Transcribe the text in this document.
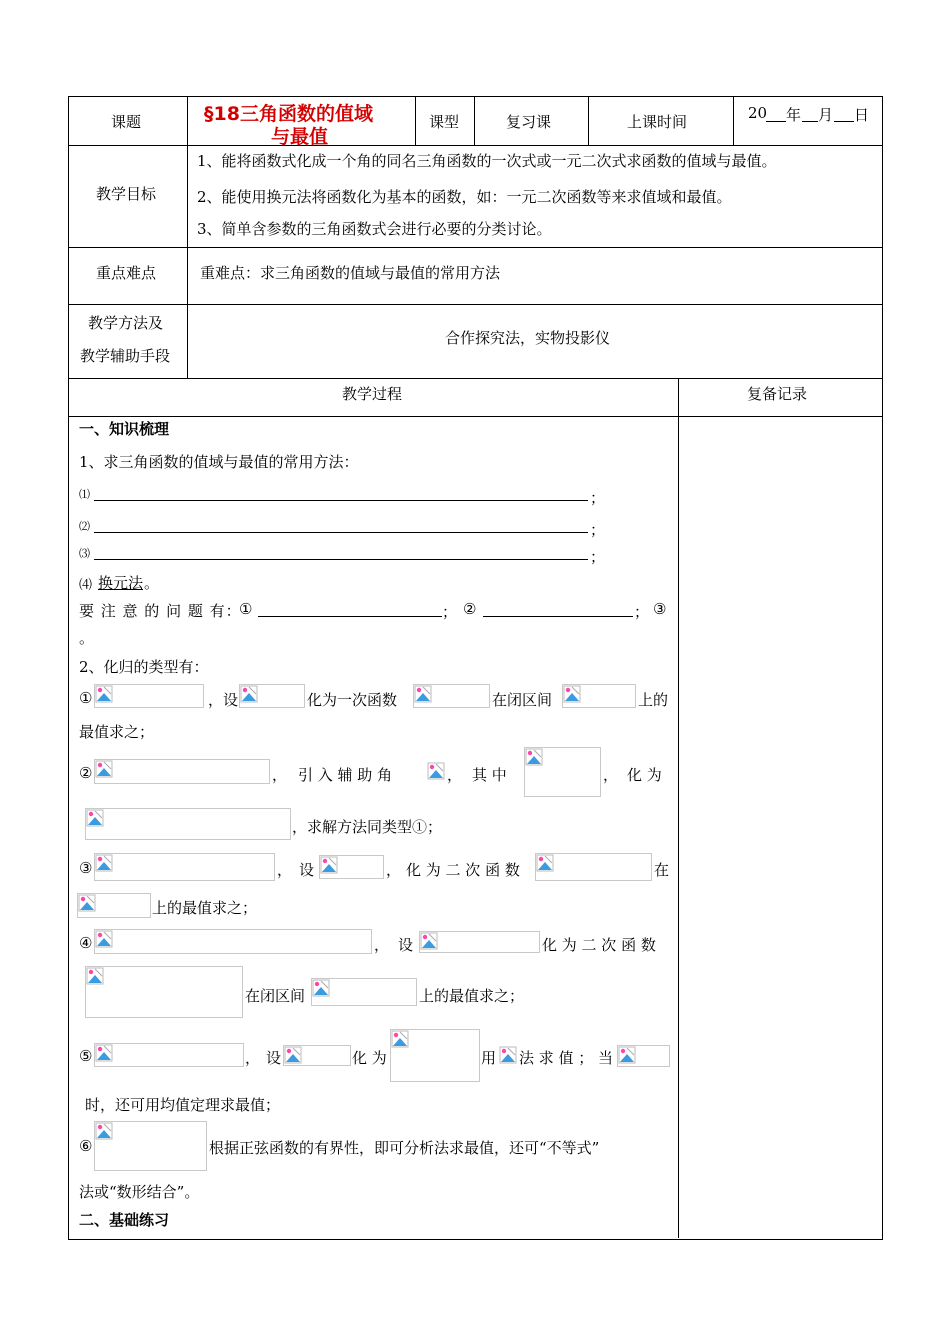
课题	§18三角函数的值域
与最值
课型	复习课	上课时间	20 年 月 日
教学目标
1、能将函数式化成一个角的同名三角函数的一次式或一元二次式求函数的值域与最值。
2、能使用换元法将函数化为基本的函数，如：一元二次函数等来求值域和最值。
3、简单含参数的三角函数式会进行必要的分类讨论。
重点难点	重难点：求三角函数的值域与最值的常用方法
教学方法及
教学辅助手段
合作探究法，实物投影仪
教学过程	复备记录
一、知识梳理
1、求三角函数的值域与最值的常用方法：
⑴	；
⑵	；
⑶	；
⑷ 换元法 。
要 注 意 的 问 题 有：
①	； ②	； ③
。
2、化归的类型有：
①	，设	化为一次函数	在闭区间	上的
最值求之；
②	， 引 入 辅 助 角	， 其 中	， 化 为
，求解方法同类型①；
③	， 设	， 化 为 二 次 函 数	在
上的最值求之；
④	， 设	化 为 二 次 函 数
在闭区间	上的最值求之；
⑤	， 设	化 为	用 法 求 值 ； 当
时，还可用均值定理求最值；
⑥	根据正弦函数的有界性，即可分析法求最值，还可“不等式”
法或“数形结合”。
二、基础练习
